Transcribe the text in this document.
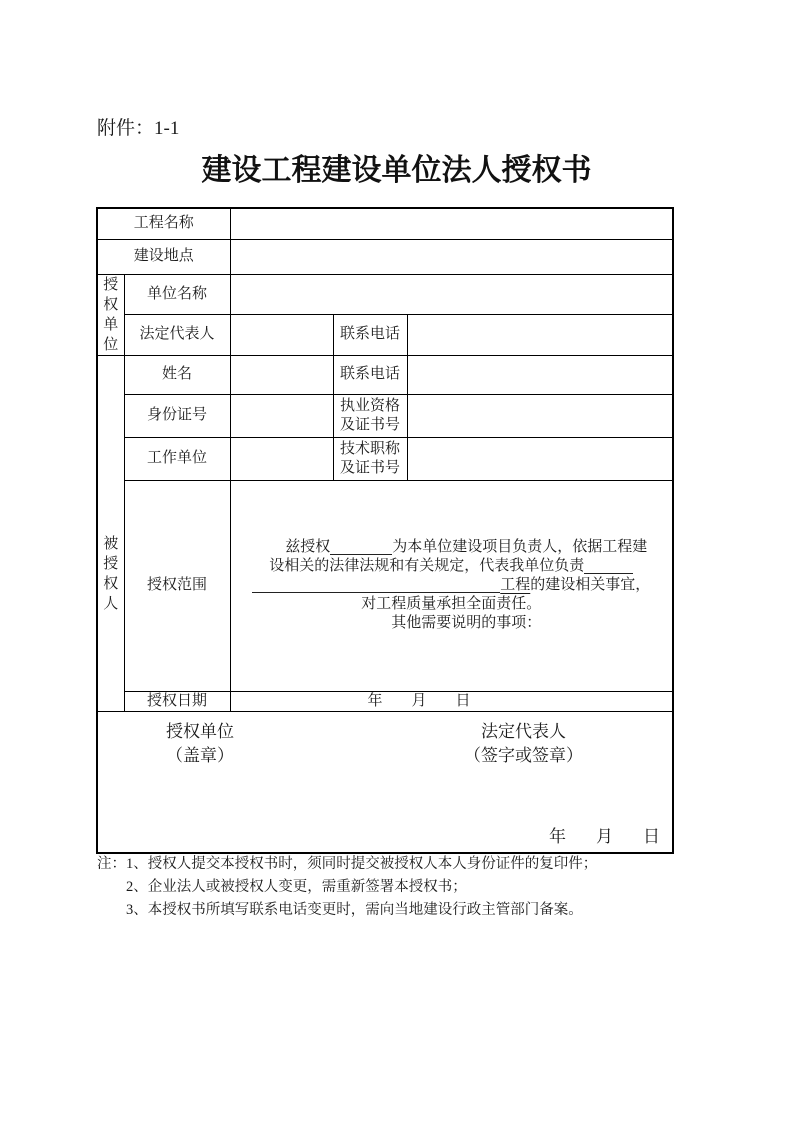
附件：1-1
建设工程建设单位法人授权书
工程名称				
建设地点				

授权单位	单位名称			
	法定代表人		联系电话	

被授权人	姓名		联系电话	
	身份证号		执业资格及证书号	
	工作单位		技术职称及证书号	
	授权范围	兹授权 为本单位建设项目负责人，依据工程建
设相关的法律法规和有关规定，代表我单位负责
工程的建设相关事宜，
对工程质量承担全面责任。
其他需要说明的事项：		

	授权日期	年 月 日		

授权单位
（盖章）
法定代表人
（签字或签章）
年 月 日
注： 1、授权人提交本授权书时，须同时提交被授权人本人身份证件的复印件；
2、企业法人或被授权人变更，需重新签署本授权书；
3、本授权书所填写联系电话变更时，需向当地建设行政主管部门备案。
